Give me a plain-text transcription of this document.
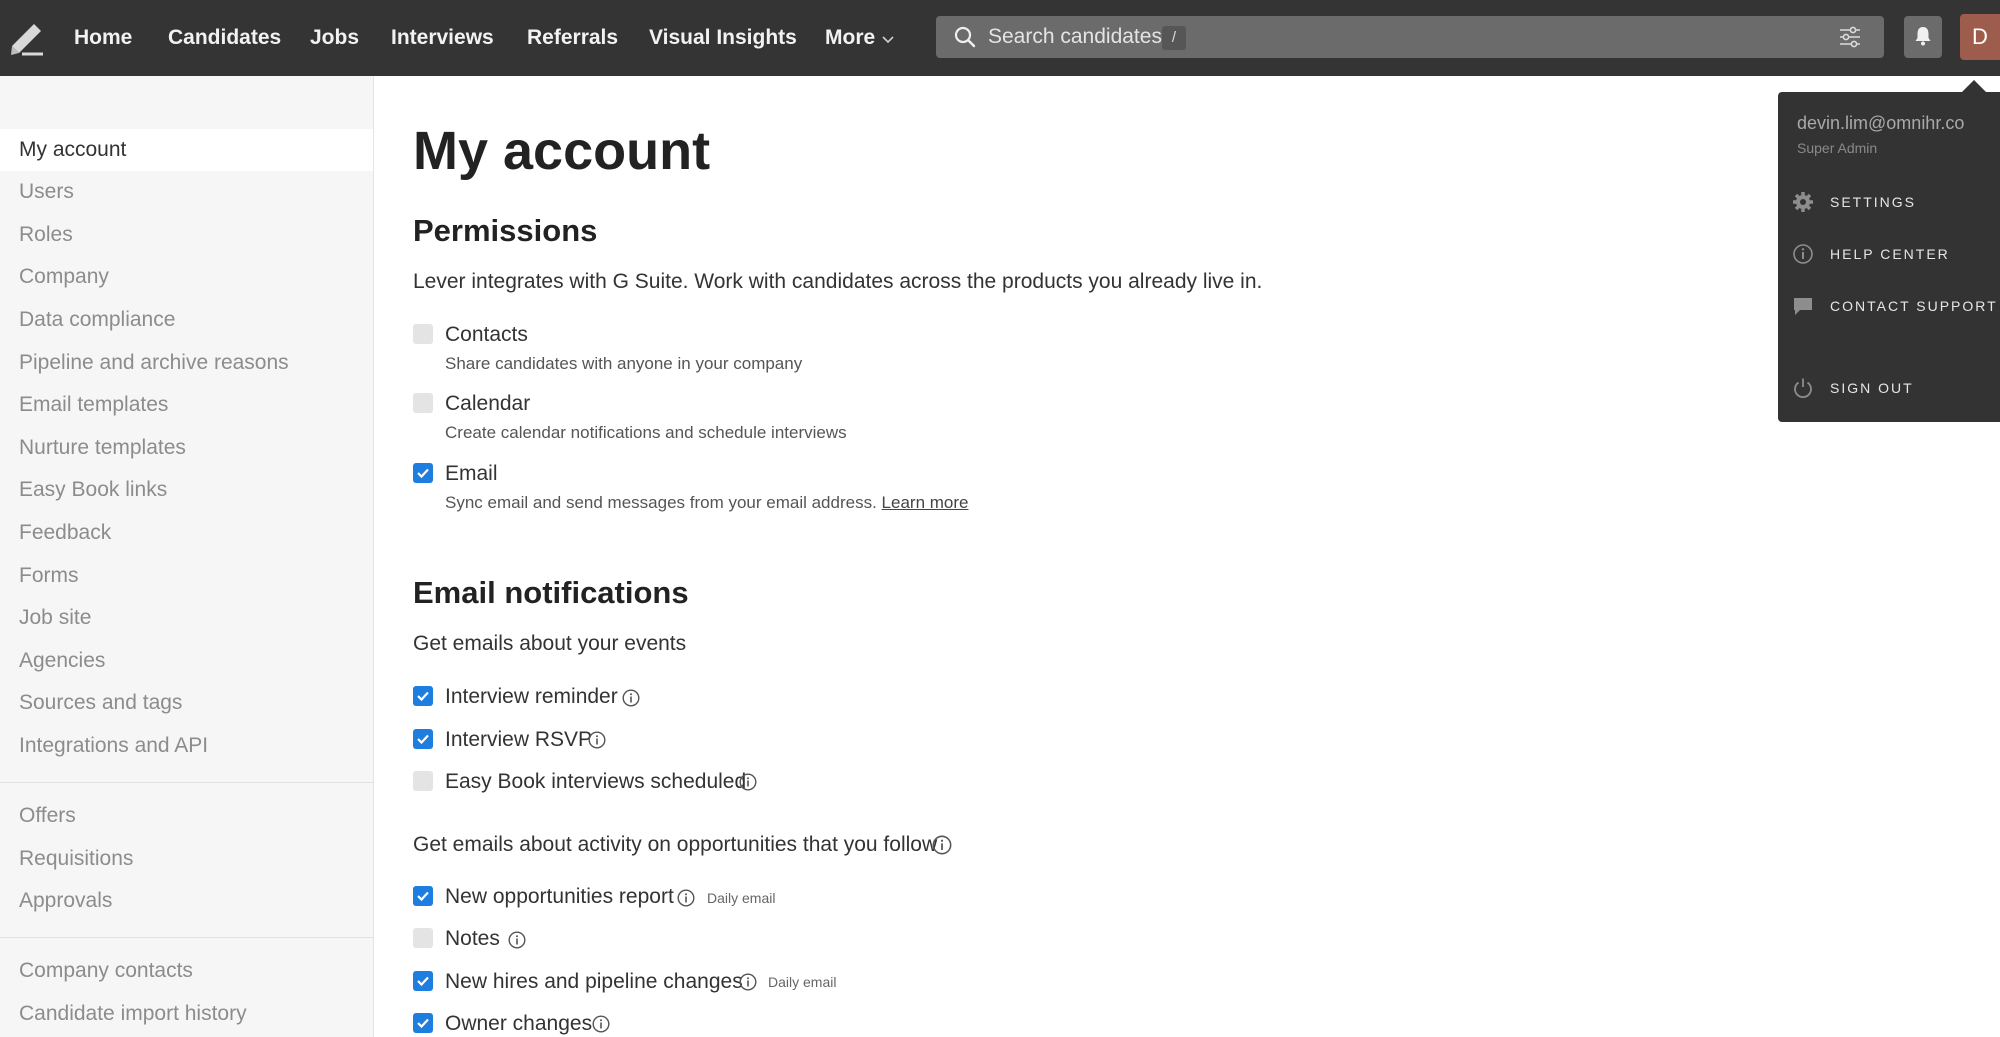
Home Candidates Jobs Interviews Referrals Visual Insights More
Search candidates	/	D
My account
Users
Roles
Company
Data compliance
Pipeline and archive reasons
Email templates
Nurture templates
Easy Book links
Feedback
Forms
Job site
Agencies
Sources and tags
Integrations and API
Offers
Requisitions
Approvals
Company contacts
Candidate import history
My account
Permissions

Lever integrates with G Suite. Work with candidates across the products you already live in.

Contacts
Share candidates with anyone in your company
Calendar
Create calendar notifications and schedule interviews
Email
Sync email and send messages from your email address. Learn more
Email notifications

Get emails about your events

Interview reminder
Interview RSVP
Easy Book interviews scheduled

Get emails about activity on opportunities that you follow

New opportunities report Daily email
Notes
New hires and pipeline changes Daily email
Owner changes
devin.lim@omnihr.co
Super Admin
SETTINGS
HELP CENTER
CONTACT SUPPORT
SIGN OUT
